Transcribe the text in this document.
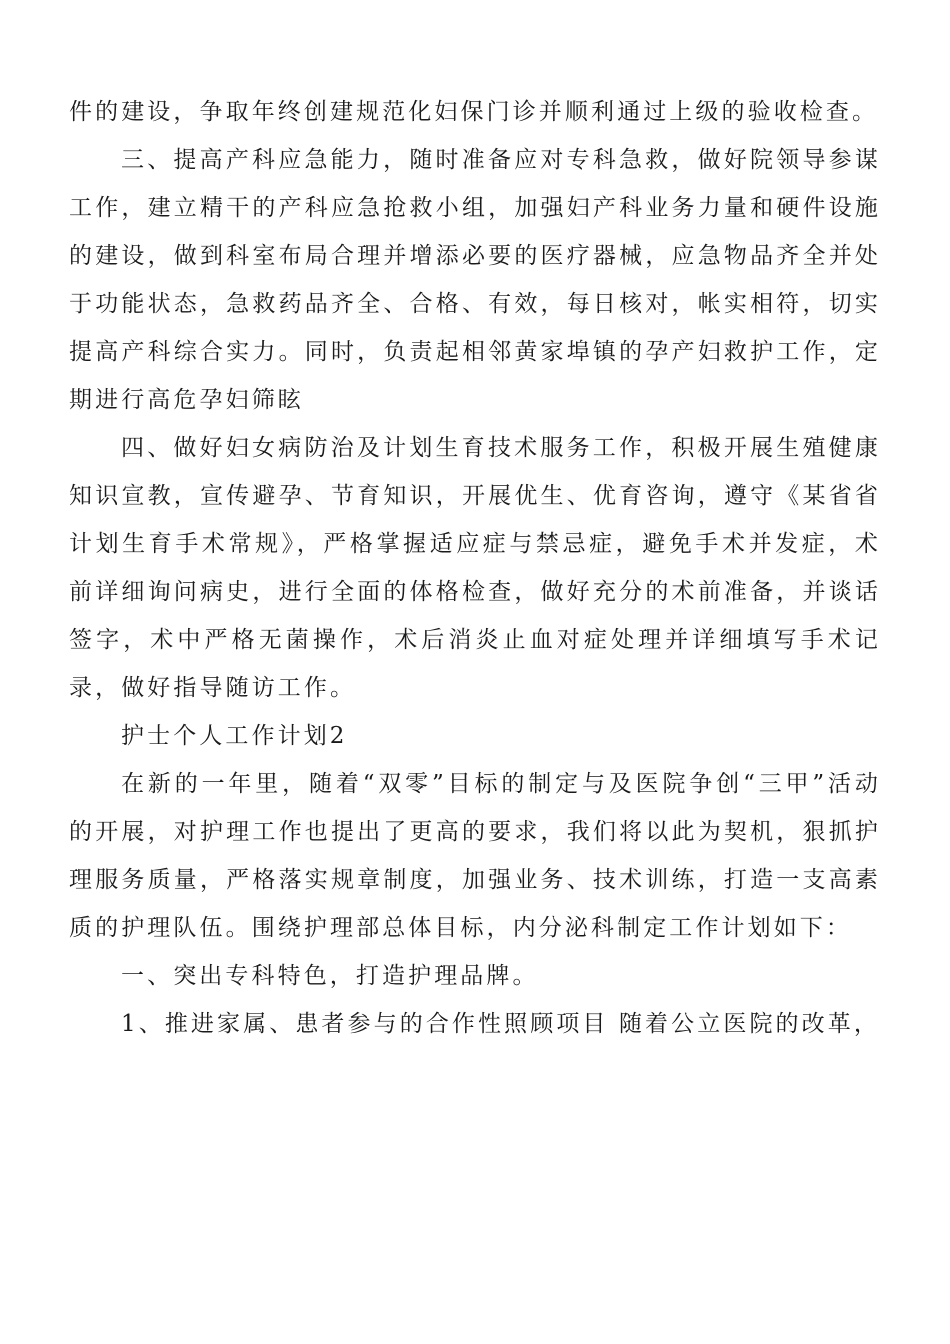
件的建设，争取年终创建规范化妇保门诊并顺利通过上级的验收检查。

三、提高产科应急能力，随时准备应对专科急救，做好院领导参谋工作，建立精干的产科应急抢救小组，加强妇产科业务力量和硬件设施的建设，做到科室布局合理并增添必要的医疗器械，应急物品齐全并处于功能状态，急救药品齐全、合格、有效，每日核对，帐实相符，切实提高产科综合实力。同时，负责起相邻黄家埠镇的孕产妇救护工作，定期进行高危孕妇筛眩

四、做好妇女病防治及计划生育技术服务工作，积极开展生殖健康知识宣教，宣传避孕、节育知识，开展优生、优育咨询，遵守《某省省计划生育手术常规》，严格掌握适应症与禁忌症，避免手术并发症，术前详细询问病史，进行全面的体格检查，做好充分的术前准备，并谈话签字，术中严格无菌操作，术后消炎止血对症处理并详细填写手术记录，做好指导随访工作。

护士个人工作计划2

在新的一年里，随着“双零”目标的制定与及医院争创“三甲”活动的开展，对护理工作也提出了更高的要求，我们将以此为契机，狠抓护理服务质量，严格落实规章制度，加强业务、技术训练，打造一支高素质的护理队伍。围绕护理部总体目标，内分泌科制定工作计划如下：

一、突出专科特色，打造护理品牌。

1、推进家属、患者参与的合作性照顾项目 随着公立医院的改革，
